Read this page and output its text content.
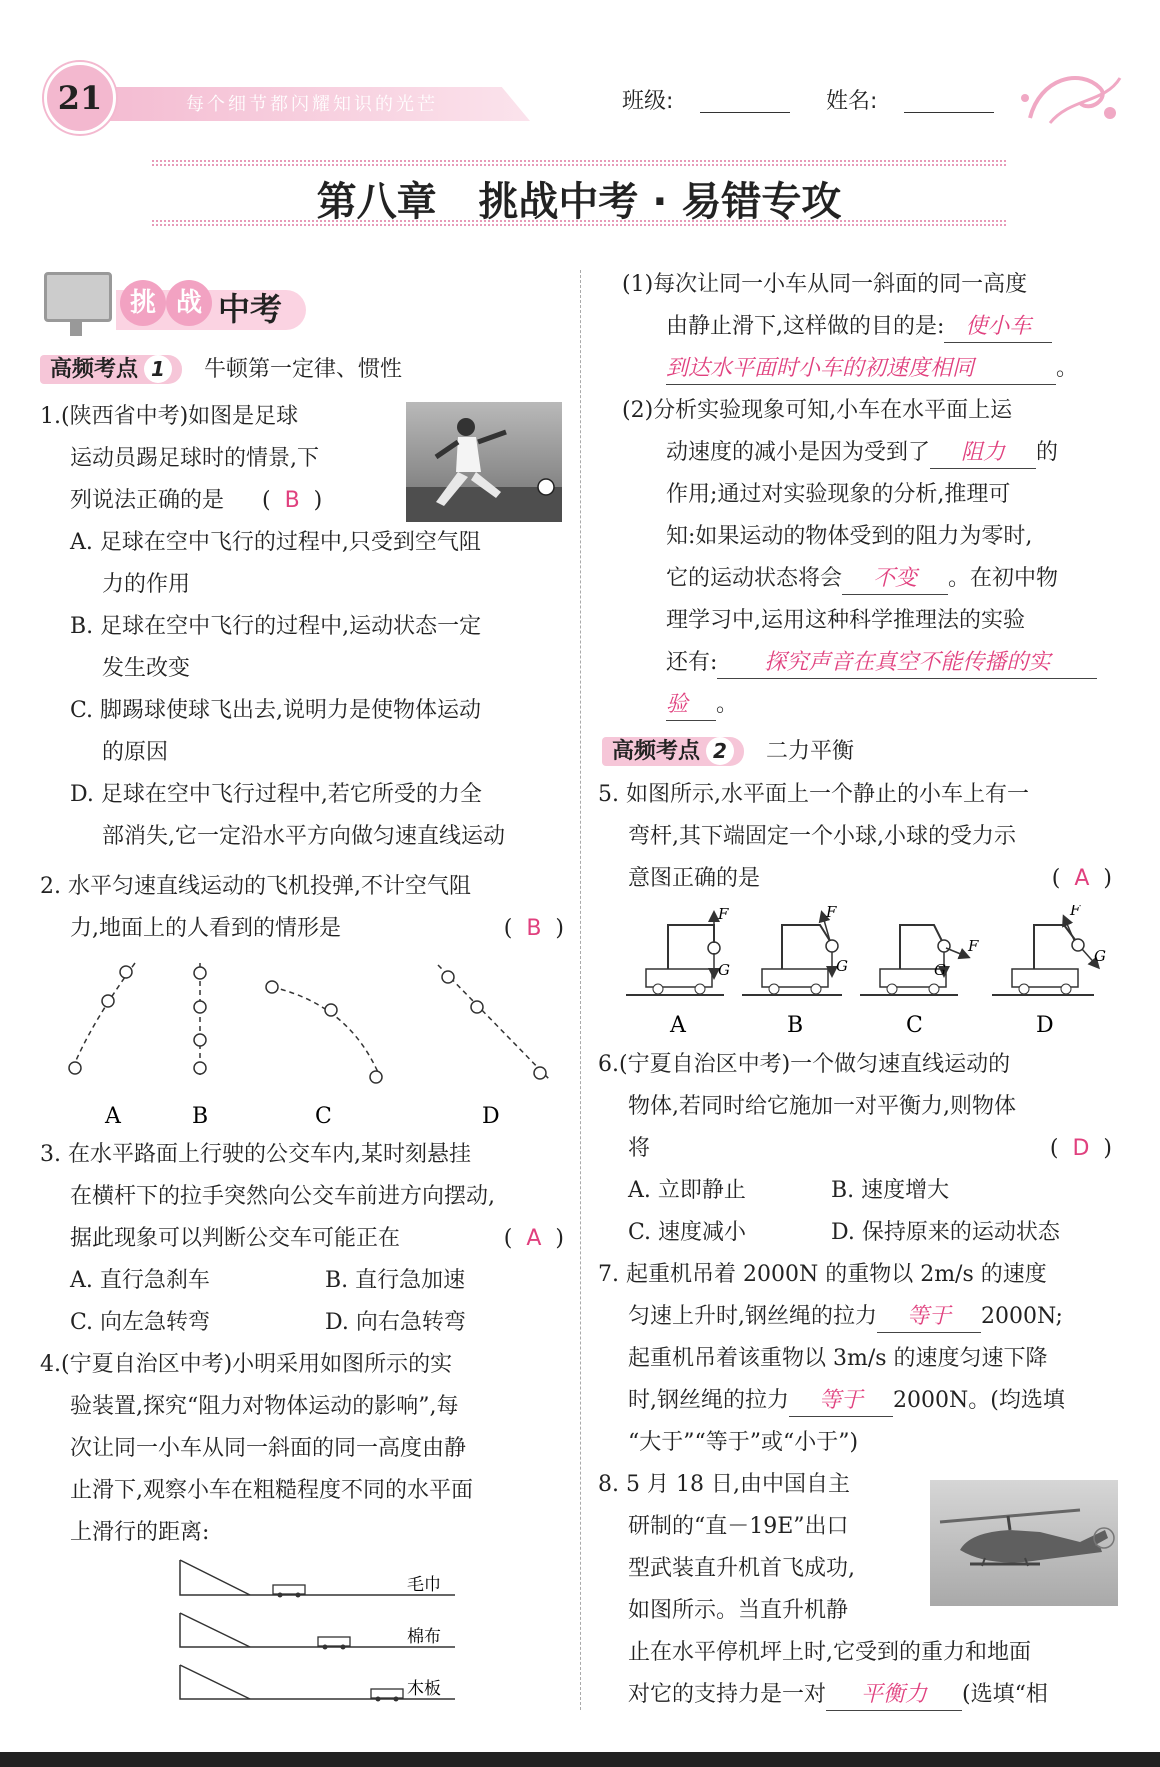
21	每个细节都闪耀知识的光芒	班级:	姓名:
第八章   挑战中考 · 易错专攻
挑 战 中考
高频考点 1 牛顿第一定律、惯性
1.(陕西省中考)如图是足球
运动员踢足球时的情景,下
列说法正确的是 (  B  )
A. 足球在空中飞行的过程中,只受到空气阻
力的作用
B. 足球在空中飞行的过程中,运动状态一定
发生改变
C. 脚踢球使球飞出去,说明力是使物体运动
的原因
D. 足球在空中飞行过程中,若它所受的力全
部消失,它一定沿水平方向做匀速直线运动
2. 水平匀速直线运动的飞机投弹,不计空气阻
力,地面上的人看到的情形是	(  B  )
A	B	C	D
3. 在水平路面上行驶的公交车内,某时刻悬挂
在横杆下的拉手突然向公交车前进方向摆动,
据此现象可以判断公交车可能正在	(  A  )
A. 直行急刹车	B. 直行急加速
C. 向左急转弯	D. 向右急转弯
4.(宁夏自治区中考)小明采用如图所示的实
验装置,探究“阻力对物体运动的影响”,每
次让同一小车从同一斜面的同一高度由静
止滑下,观察小车在粗糙程度不同的水平面
上滑行的距离:
毛巾
棉布
木板
(1)每次让同一小车从同一斜面的同一高度
由静止滑下,这样做的目的是: 使小车
到达水平面时小车的初速度相同	。
(2)分析实验现象可知,小车在水平面上运
动速度的减小是因为受到了 阻力 的
作用;通过对实验现象的分析,推理可
知:如果运动的物体受到的阻力为零时,
它的运动状态将会 不变 。在初中物
理学习中,运用这种科学推理法的实验
还有: 探究声音在真空不能传播的实
验 。
高频考点 2 二力平衡
5. 如图所示,水平面上一个静止的小车上有一
弯杆,其下端固定一个小球,小球的受力示
意图正确的是	(  A  )
F
G
F
G
F
G
F
G
A	B	C	D
6.(宁夏自治区中考)一个做匀速直线运动的
物体,若同时给它施加一对平衡力,则物体
将	(  D  )
A. 立即静止	B. 速度增大
C. 速度减小	D. 保持原来的运动状态
7. 起重机吊着 2000N 的重物以 2m/s 的速度
匀速上升时,钢丝绳的拉力 等于 2000N;
起重机吊着该重物以 3m/s 的速度匀速下降
时,钢丝绳的拉力 等于 2000N。(均选填
“大于”“等于”或“小于”)
8. 5 月 18 日,由中国自主
研制的“直－19E”出口
型武装直升机首飞成功,
如图所示。当直升机静
止在水平停机坪上时,它受到的重力和地面
对它的支持力是一对 平衡力 (选填“相
